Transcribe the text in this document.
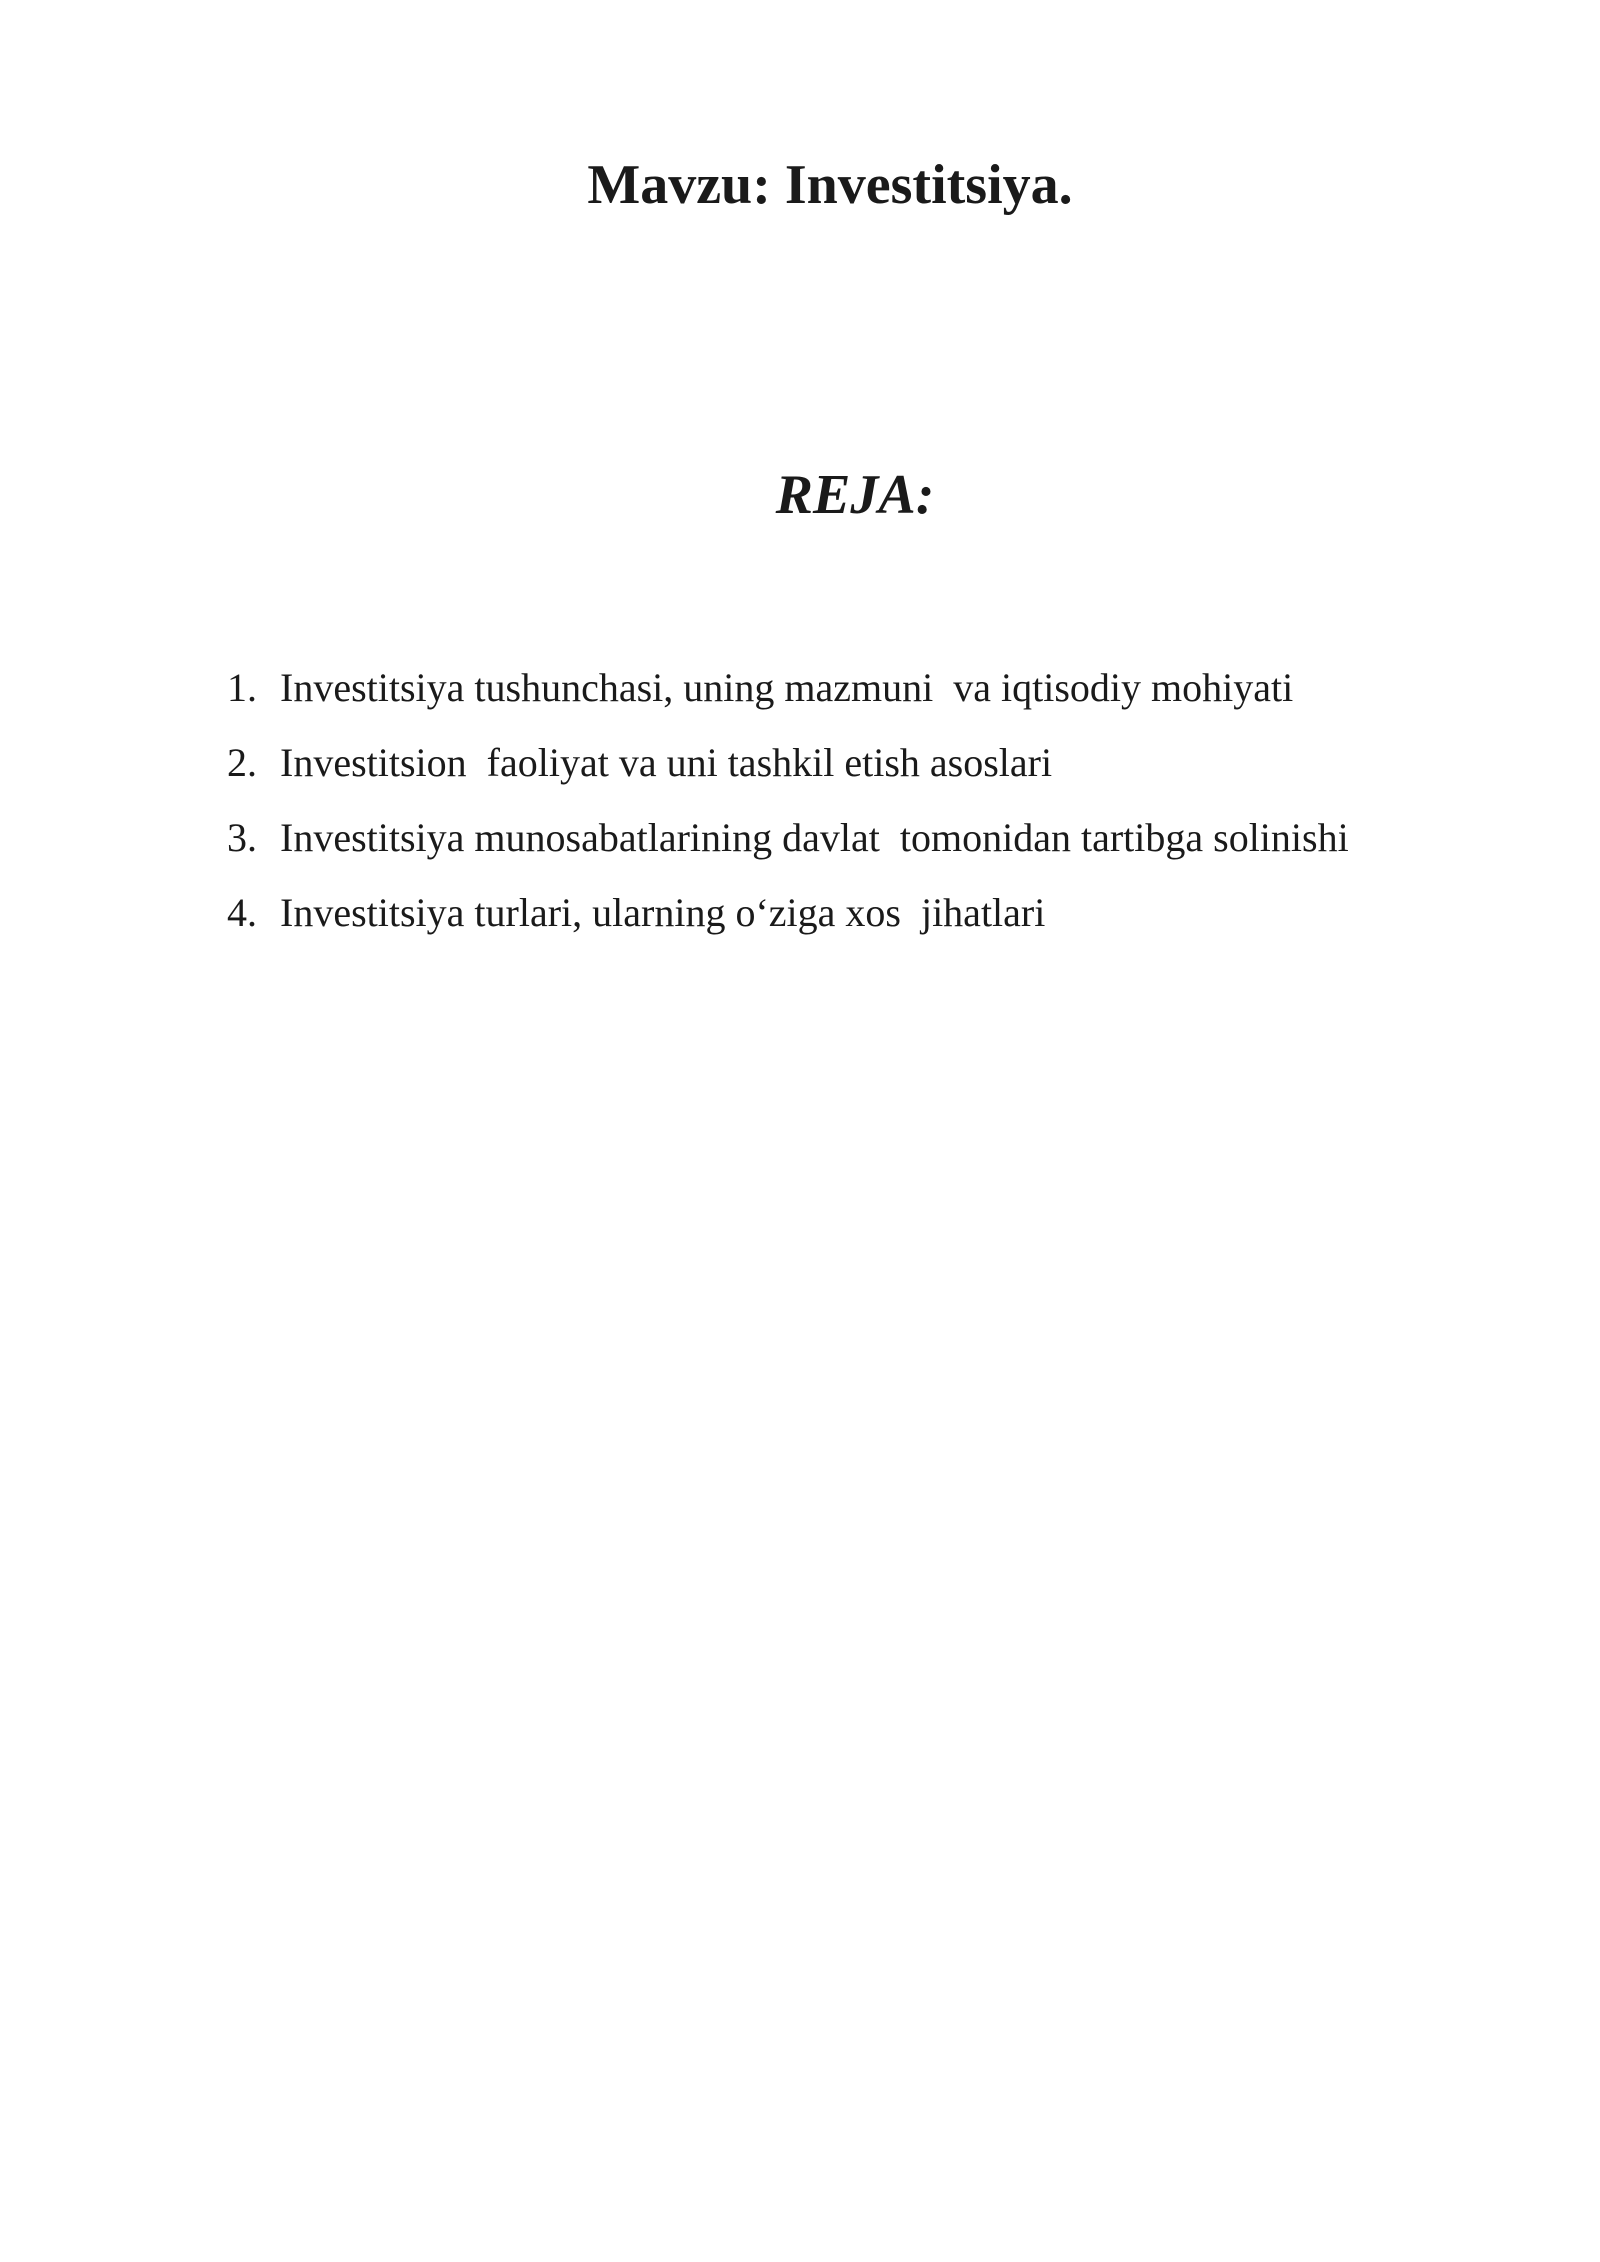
Mavzu: Investitsiya.
REJA:
1. Investitsiya tushunchasi, uning mazmuni  va iqtisodiy mohiyati
2. Investitsion  faoliyat va uni tashkil etish asoslari
3. Investitsiya munosabatlarining davlat  tomonidan tartibga solinishi
4. Investitsiya turlari, ularning o‘ziga xos  jihatlari
